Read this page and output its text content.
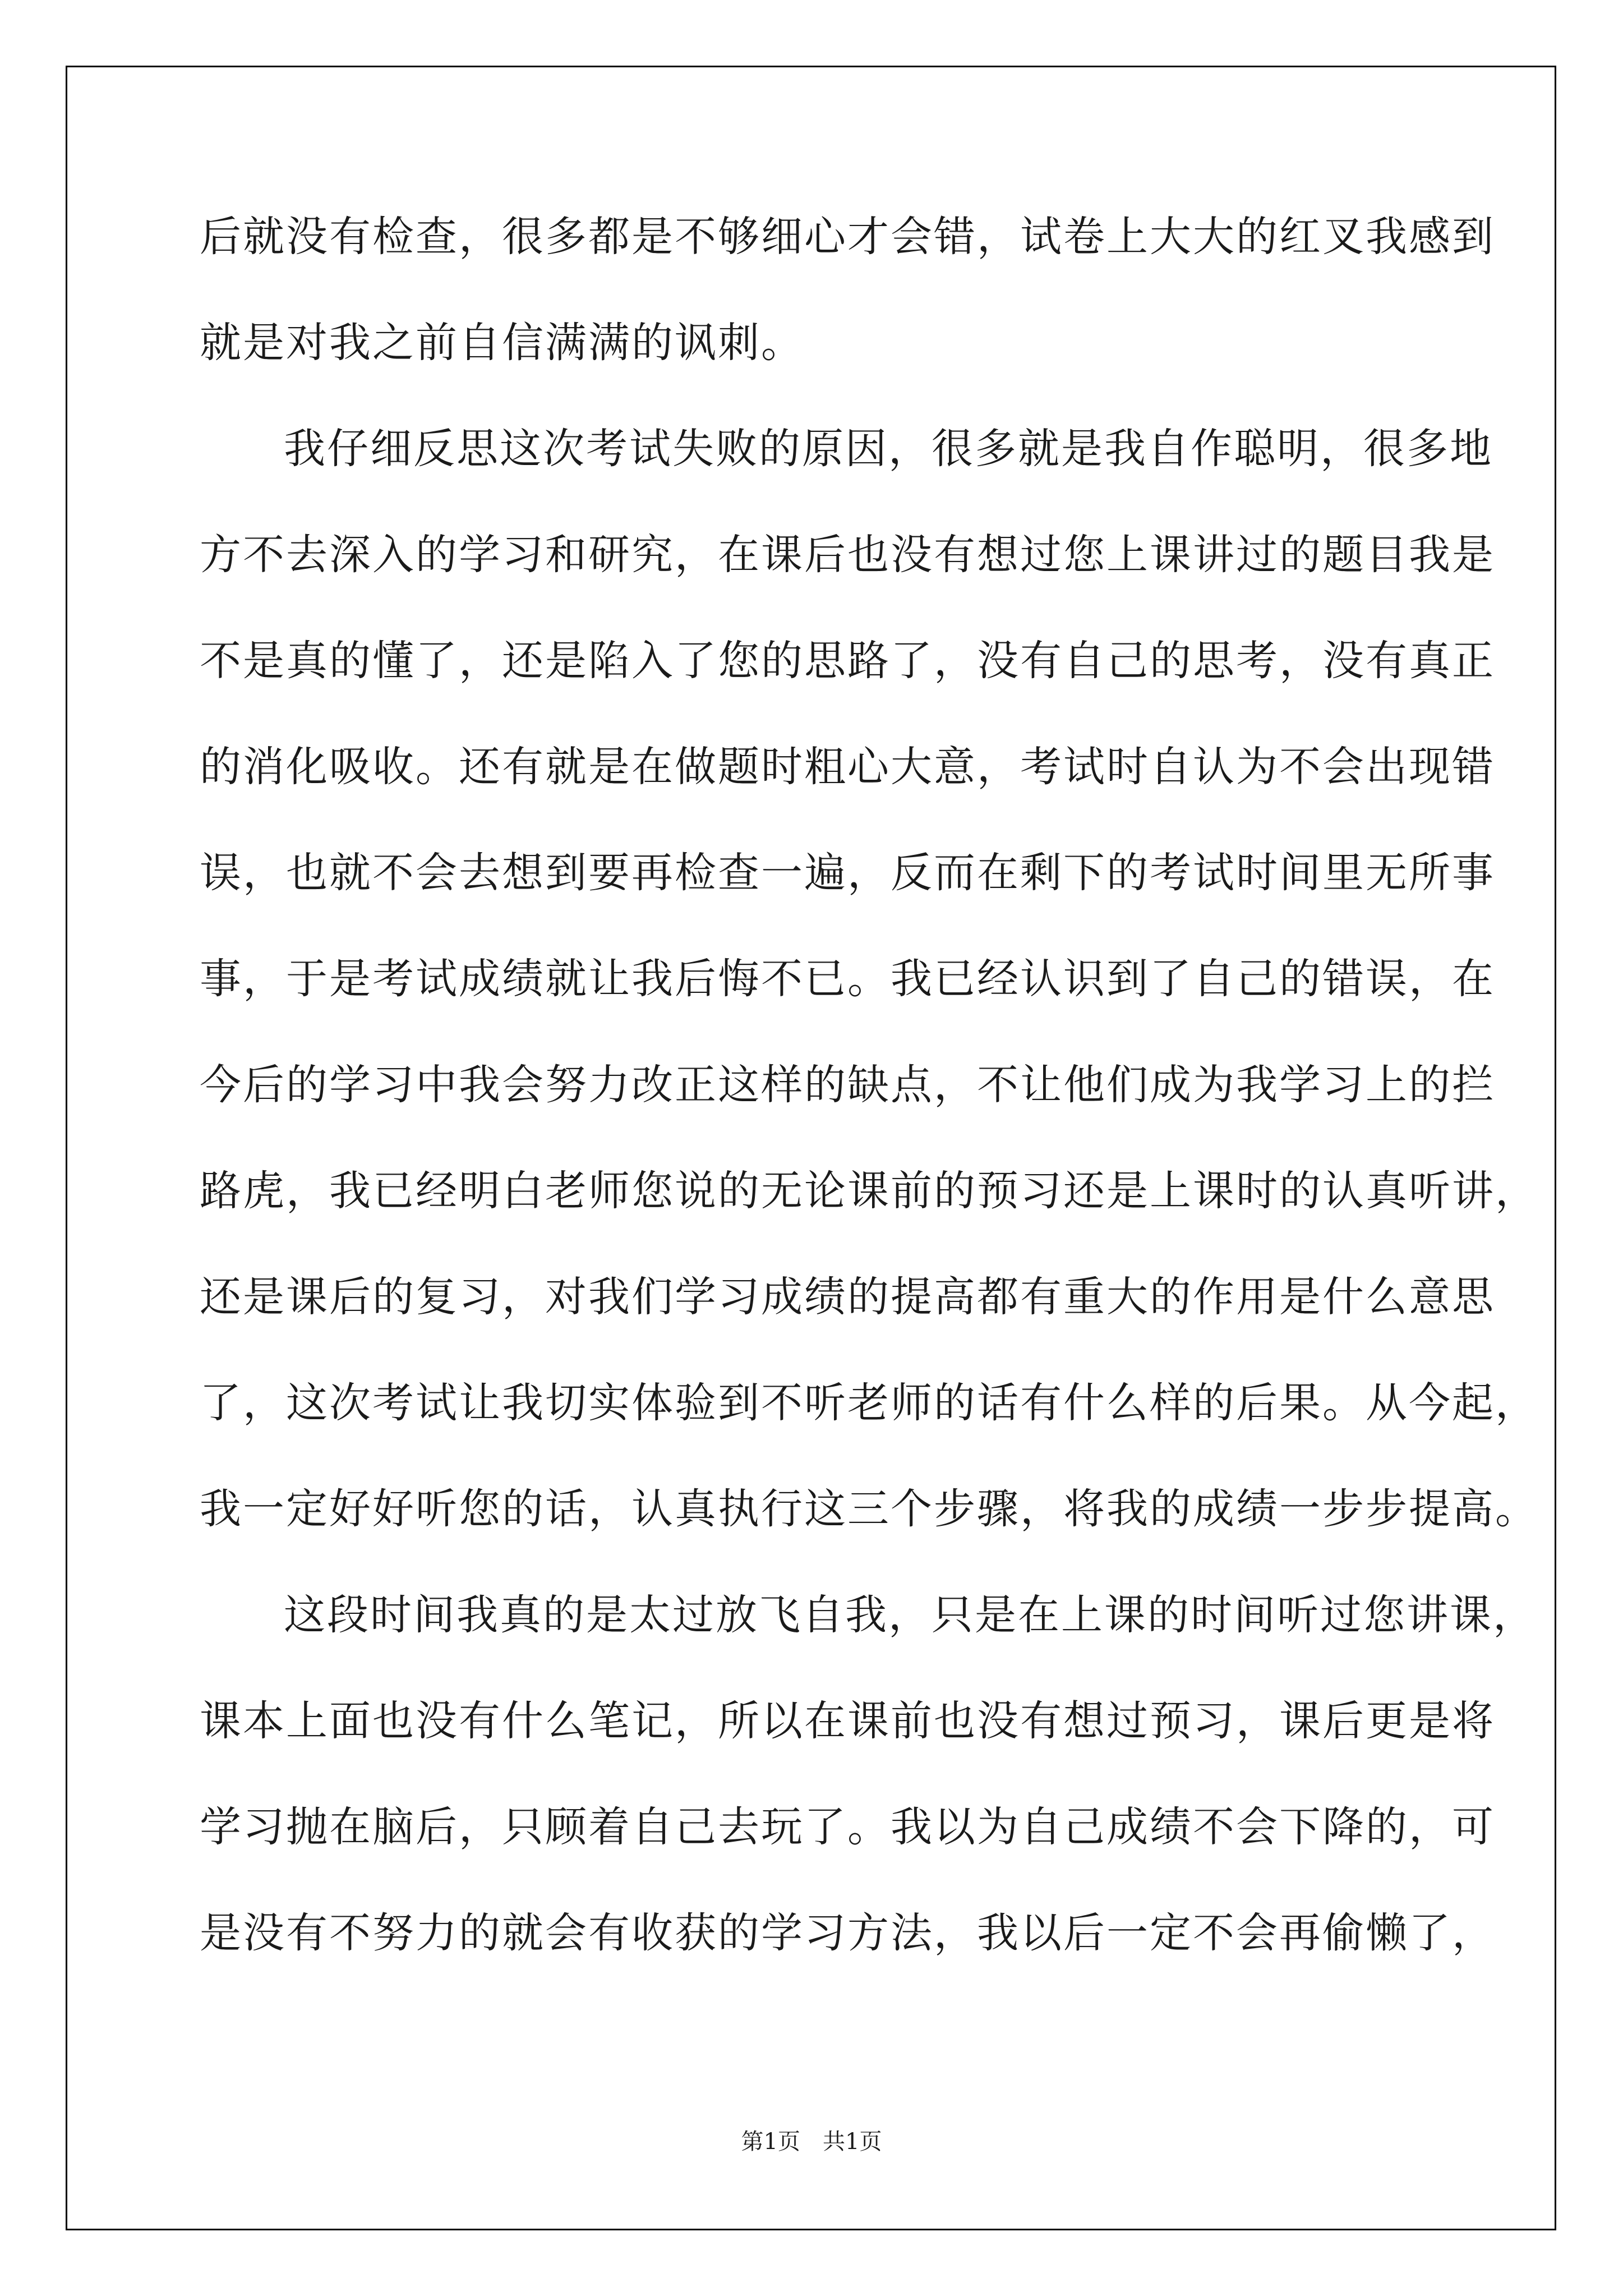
后就没有检查，很多都是不够细心才会错，试卷上大大的红叉我感到
就是对我之前自信满满的讽刺。
我仔细反思这次考试失败的原因，很多就是我自作聪明，很多地
方不去深入的学习和研究，在课后也没有想过您上课讲过的题目我是
不是真的懂了，还是陷入了您的思路了，没有自己的思考，没有真正
的消化吸收。还有就是在做题时粗心大意，考试时自认为不会出现错
误，也就不会去想到要再检查一遍，反而在剩下的考试时间里无所事
事，于是考试成绩就让我后悔不已。我已经认识到了自己的错误，在
今后的学习中我会努力改正这样的缺点，不让他们成为我学习上的拦
路虎，我已经明白老师您说的无论课前的预习还是上课时的认真听讲，
还是课后的复习，对我们学习成绩的提高都有重大的作用是什么意思
了，这次考试让我切实体验到不听老师的话有什么样的后果。从今起，
我一定好好听您的话，认真执行这三个步骤，将我的成绩一步步提高。
这段时间我真的是太过放飞自我，只是在上课的时间听过您讲课，
课本上面也没有什么笔记，所以在课前也没有想过预习，课后更是将
学习抛在脑后，只顾着自己去玩了。我以为自己成绩不会下降的，可
是没有不努力的就会有收获的学习方法，我以后一定不会再偷懒了，
第1页 共1页
